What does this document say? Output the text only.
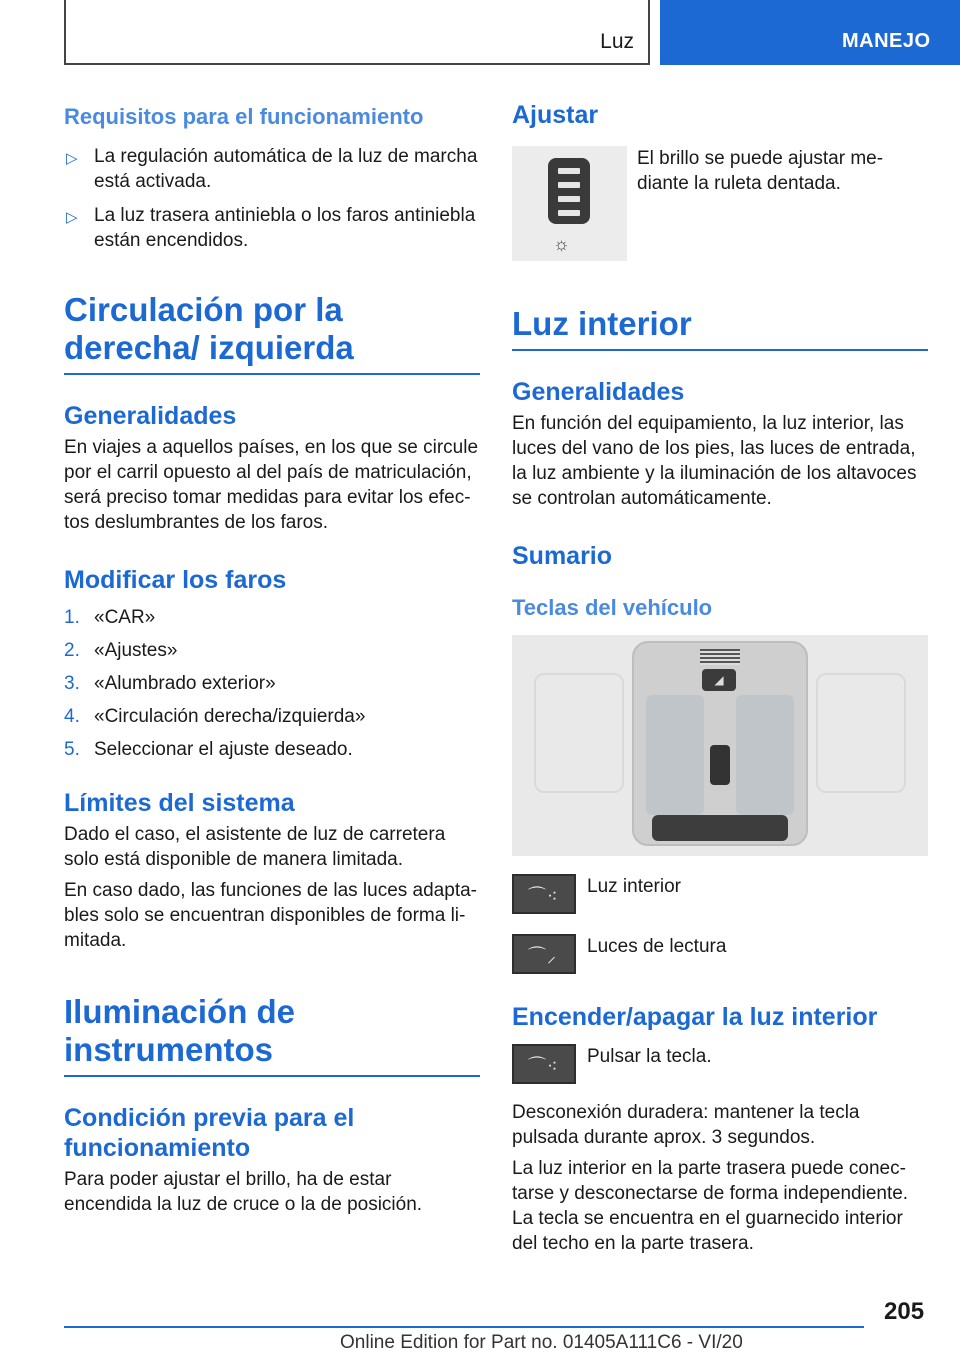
Luz	MANEJO
Requisitos para el funcionamiento
▷ La regulación automática de la luz de marcha está activada.
▷ La luz trasera antiniebla o los faros antiniebla están encendidos.
Circulación por la derecha/ izquierda
Generalidades

En viajes a aquellos países, en los que se circule por el carril opuesto al del país de matriculación, será preciso tomar medidas para evitar los efec- tos deslumbrantes de los faros.

Modificar los faros
1. «CAR»
2. «Ajustes»
3. «Alumbrado exterior»
4. «Circulación derecha/izquierda»
5. Seleccionar el ajuste deseado.
Límites del sistema

Dado el caso, el asistente de luz de carretera solo está disponible de manera limitada.

En caso dado, las funciones de las luces adapta- bles solo se encuentran disponibles de forma li- mitada.

Iluminación de instrumentos
Condición previa para el funcionamiento

Para poder ajustar el brillo, ha de estar encendida la luz de cruce o la de posición.

Ajustar
☼

El brillo se puede ajustar me- diante la ruleta dentada.

Luz interior
Generalidades

En función del equipamiento, la luz interior, las luces del vano de los pies, las luces de entrada, la luz ambiente y la iluminación de los altavoces se controlan automáticamente.

Sumario
Teclas del vehículo
◢
⌒⁖ Luz interior
⌒⸝ Luces de lectura
Encender/apagar la luz interior
⌒⁖ Pulsar la tecla.

Desconexión duradera: mantener la tecla pulsada durante aprox. 3 segundos.

La luz interior en la parte trasera puede conec- tarse y desconectarse de forma independiente. La tecla se encuentra en el guarnecido interior del techo en la parte trasera.

205
Online Edition for Part no. 01405A111C6 - VI/20
